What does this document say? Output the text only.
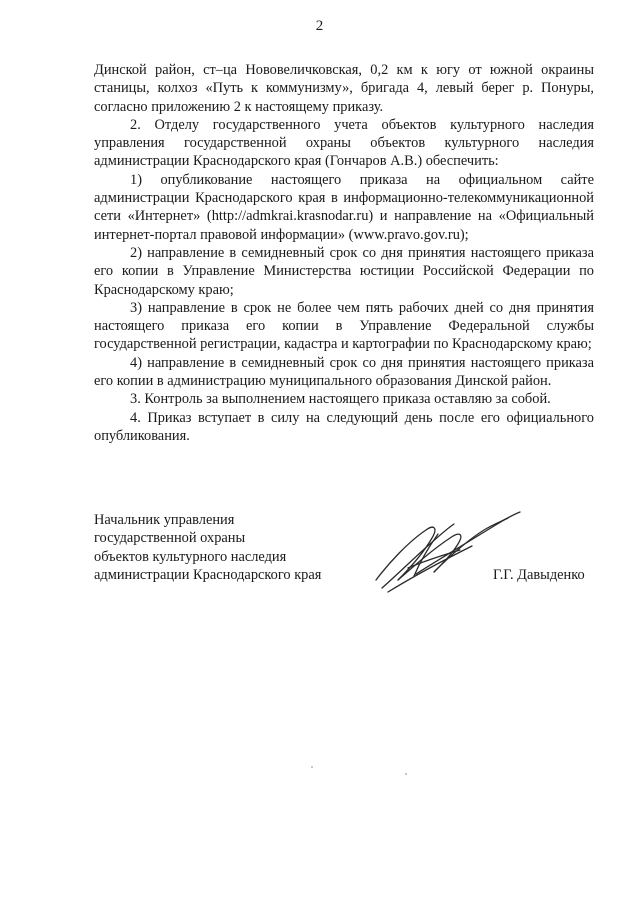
2

Динской район, ст–ца Нововеличковская, 0,2 км к югу от южной окраины станицы, колхоз «Путь к коммунизму», бригада 4, левый берег р. Понуры, согласно приложению 2 к настоящему приказу.

2. Отделу государственного учета объектов культурного наследия управления государственной охраны объектов культурного наследия администрации Краснодарского края (Гончаров А.В.) обеспечить:

1) опубликование настоящего приказа на официальном сайте администрации Краснодарского края в информационно-телекоммуникационной сети «Интернет» (http://admkrai.krasnodar.ru) и направление на «Официальный интернет-портал правовой информации» (www.pravo.gov.ru);

2) направление в семидневный срок со дня принятия настоящего приказа его копии в Управление Министерства юстиции Российской Федерации по Краснодарскому краю;

3) направление в срок не более чем пять рабочих дней со дня принятия настоящего приказа его копии в Управление Федеральной службы государственной регистрации, кадастра и картографии по Краснодарскому краю;

4) направление в семидневный срок со дня принятия настоящего приказа его копии в администрацию муниципального образования Динской район.

3. Контроль за выполнением настоящего приказа оставляю за собой.

4. Приказ вступает в силу на следующий день после его официального опубликования.

Начальник управления
государственной охраны
объектов культурного наследия
администрации Краснодарского края	Г.Г. Давыденко
